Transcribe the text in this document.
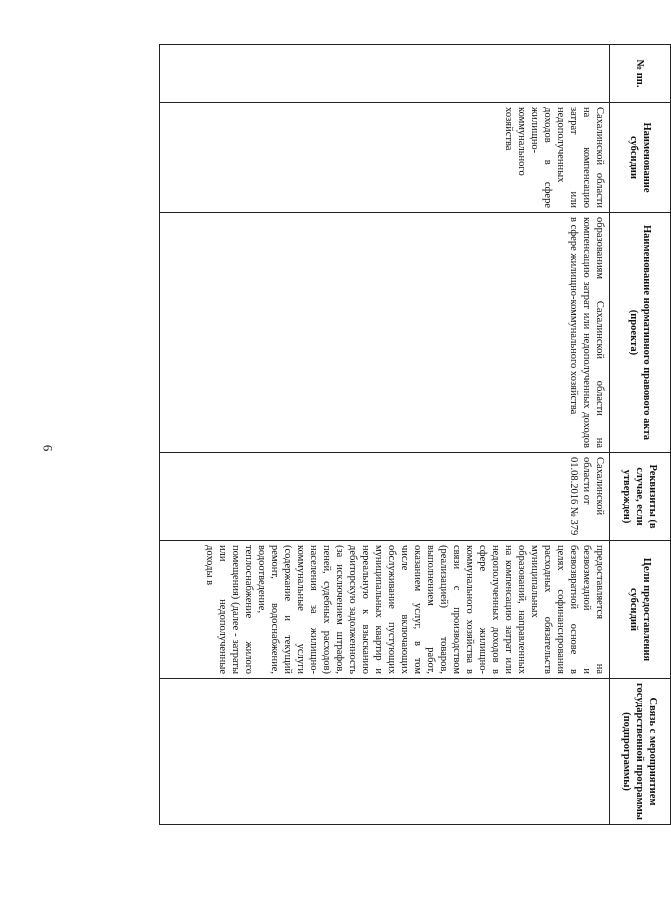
6
№ пп.	Наименование субсидии	Наименование нормативного правового акта (проекта)	Реквизиты (в случае, если утвержден)	Цели предоставления субсидий	Связь с мероприятием государственной программы (подпрограммы)
	Сахалинской области на компенсацию затрат или недополученных доходов в сфере жилищно-коммунального хозяйства	образованиям Сахалинской области на компенсацию затрат или недополученных доходов в сфере жилищно-коммунального хозяйства	Сахалинской области от 01.08.2016 № 379	предоставляется на безвозмездной и безвозвратной основе в целях софинансирования расходных обязательств муниципальных образований, направленных на компенсацию затрат или недополученных доходов в сфере жилищно-коммунального хозяйства в связи с производством (реализацией) товаров, выполнением работ, оказанием услуг, в том числе включающих обслуживание пустующих муниципальных квартир и нереальную к взысканию дебиторскую задолженность (за исключением штрафов, пеней, судебных расходов) населения за жилищно-коммунальные услуги (содержание и текущий ремонт, водоснабжение, водоотведение, теплоснабжение жилого помещения) (далее - затраты или недополученные доходы в	
